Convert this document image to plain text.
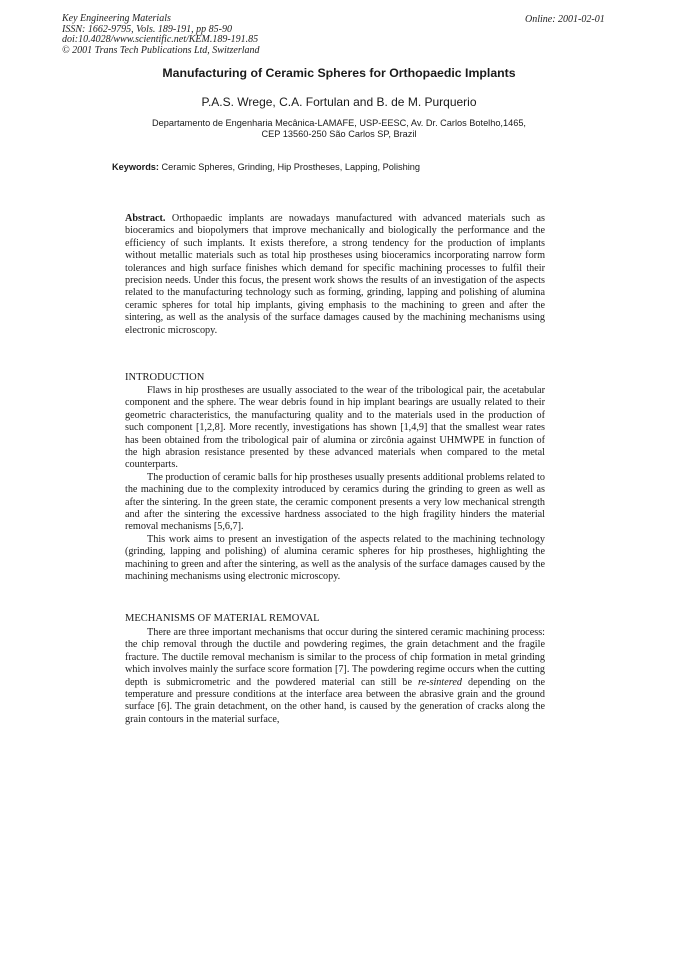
Key Engineering Materials
ISSN: 1662-9795, Vols. 189-191, pp 85-90
doi:10.4028/www.scientific.net/KEM.189-191.85
© 2001 Trans Tech Publications Ltd, Switzerland
Online: 2001-02-01
Manufacturing of Ceramic Spheres for Orthopaedic Implants
P.A.S. Wrege, C.A. Fortulan and B. de M. Purquerio
Departamento de Engenharia Mecânica-LAMAFE, USP-EESC, Av. Dr. Carlos Botelho,1465,
CEP 13560-250 São Carlos SP, Brazil
Keywords: Ceramic Spheres, Grinding, Hip Prostheses, Lapping, Polishing
Abstract. Orthopaedic implants are nowadays manufactured with advanced materials such as bioceramics and biopolymers that improve mechanically and biologically the performance and the efficiency of such implants. It exists therefore, a strong tendency for the production of implants without metallic materials such as total hip prostheses using bioceramics incorporating narrow form tolerances and high surface finishes which demand for specific machining processes to fulfil their precision needs. Under this focus, the present work shows the results of an investigation of the aspects related to the manufacturing technology such as forming, grinding, lapping and polishing of alumina ceramic spheres for total hip implants, giving emphasis to the machining to green and after the sintering, as well as the analysis of the surface damages caused by the machining mechanisms using electronic microscopy.
INTRODUCTION

Flaws in hip prostheses are usually associated to the wear of the tribological pair, the acetabular component and the sphere. The wear debris found in hip implant bearings are usually related to their geometric characteristics, the manufacturing quality and to the materials used in the production of such component [1,2,8]. More recently, investigations has shown [1,4,9] that the smallest wear rates has been obtained from the tribological pair of alumina or zircônia against UHMWPE in function of the high abrasion resistance presented by these advanced materials when compared to the metal counterparts.

The production of ceramic balls for hip prostheses usually presents additional problems related to the machining due to the complexity introduced by ceramics during the grinding to green as well as after the sintering. In the green state, the ceramic component presents a very low mechanical strength and after the sintering the excessive hardness associated to the high fragility hinders the material removal mechanisms [5,6,7].

This work aims to present an investigation of the aspects related to the machining technology (grinding, lapping and polishing) of alumina ceramic spheres for hip prostheses, highlighting the machining to green and after the sintering, as well as the analysis of the surface damages caused by the machining mechanisms using electronic microscopy.

MECHANISMS OF MATERIAL REMOVAL

There are three important mechanisms that occur during the sintered ceramic machining process: the chip removal through the ductile and powdering regimes, the grain detachment and the fragile fracture. The ductile removal mechanism is similar to the process of chip formation in metal grinding which involves mainly the surface score formation [7]. The powdering regime occurs when the cutting depth is submicrometric and the powdered material can still be re-sintered depending on the temperature and pressure conditions at the interface area between the abrasive grain and the ground surface [6]. The grain detachment, on the other hand, is caused by the generation of cracks along the grain contours in the material surface,
